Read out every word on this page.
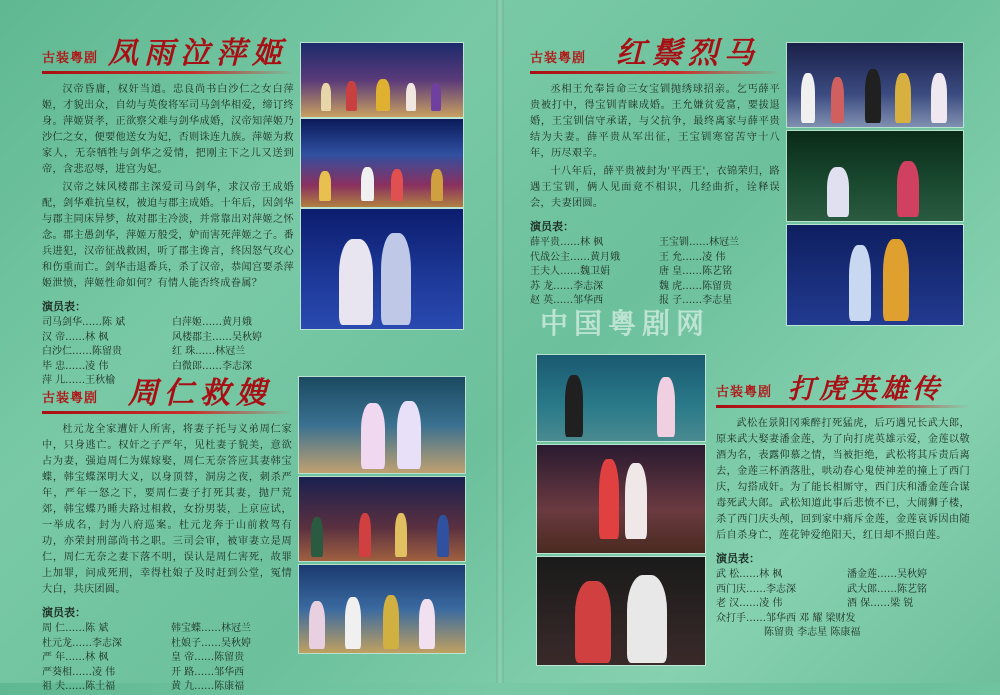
古装粤剧 凤雨泣萍姬

汉帝昏庸，权奸当道。忠良尚书白沙仁之女白萍姬，才貌出众，自幼与英俊将军司马剑华相爱，缔订终身。萍姬贤孝，正欲察父难与剑华成婚，汉帝知萍姬乃沙仁之女，便要他送女为妃，否则诛连九族。萍姬为救家人，无奈牺牲与剑华之爱情，把刚主下之儿又送到帝，含悲忍辱，进宫为妃。

汉帝之妹风楼郡主深爱司马剑华，求汉帝王成婚配，剑华难抗皇权，被迫与郡主成婚。十年后，因剑华与郡主同床异梦，故对郡主冷淡，并常靠出对萍姬之怀念。郡主愚剑华，萍姬万般受，妒而害死萍姬之子。番兵进犯，汉帝征战救困，听了郡主谗言，终因怒气攻心和伤重而亡。剑华击退番兵，杀了汉帝，恭闻宫要杀萍姬泄愤，萍姬性命如何？有情人能否终成眷属？

演员表：
司马剑华……陈 斌	白萍姬……黄月娥
汉 帝……林 枫	风楼郡主……吴秋婷
白沙仁……陈留贵	红 珠……林冠兰
毕 忠……凌 伟	白微郎……李志深
萍 儿……王秋榆
古装粤剧 红鬃烈马

丞相王允奉旨命三女宝钏抛绣球招亲。乞丐薛平贵被打中，得宝钏青睐成婚。王允嫌贫爱富，要拔退婚，王宝钏信守承诺，与父抗争，最终离家与薛平贵结为夫妻。薛平贵从军出征，王宝钏寒窑苦守十八年，历尽艰辛。

十八年后，薛平贵被封为'平西王'，衣锦荣归，路遇王宝钏，俩人见面竟不相识，几经曲折，诠释误会，夫妻团圆。

演员表：
薛平贵……林 枫	王宝钏……林冠兰
代战公主……黄月娥	王 允……凌 伟
王夫人……魏卫娟	唐 皇……陈艺铭
苏 龙……李志深	魏 虎……陈留贵
赵 英……邹华西	报 子……李志星
中国粤剧网
古装粤剧 周仁救嫂

杜元龙全家遭奸人所害，将妻子托与义弟周仁家中，只身逃亡。权奸之子严年，见杜妻子貌美，意欲占为妻，强迫周仁为媒嫁娶，周仁无奈答应其妻韩宝蝶，韩宝蝶深明大义，以身顶替，洞房之夜，刺杀严年，严年一怒之下，要周仁妻子打死其妻，抛尸荒郊，韩宝蝶乃睡夫路过相救，女扮男装，上京应试，一举成名，封为八府巡案。杜元龙奔于山前救驾有功，亦荣封刑部尚书之职。三司会审，被审妻立是周仁，周仁无奈之妻下落不明，误认是周仁害死，故罪上加罪，问成死刑，幸得杜娘子及时赶到公堂，冤情大白，共庆团圆。

演员表：
周 仁……陈 斌	韩宝蝶……林冠兰
杜元龙……李志深	杜娘子……吴秋婷
严 年……林 枫	皇 帝……陈留贵
严葵相……凌 伟	开 路……邹华西
祖 夫……陈土福	黄 九……陈康福
古装粤剧 打虎英雄传

武松在景阳冈乘醉打死猛虎，后巧遇兄长武大郎，原来武大娶妻潘金莲，为了向打虎英雄示爱，金莲以敬酒为名，表露仰慕之情，当被拒绝，武松将其斥责后离去，金莲三杯酒落肚，哄动春心鬼使神差的撞上了西门庆，勾搭成奸。为了能长相厮守，西门庆和潘金莲合谋毒死武大郎。武松知道此事后悲愤不已，大闹狮子楼，杀了西门庆头颅，回到家中痛斥金莲，金莲哀诉因由随后自杀身亡，莲花钟爱绝阳天，红日却不照白莲。

演员表：
武 松……林 枫	潘金莲……吴秋婷
西门庆……李志深	武大郎……陈艺铭
老 汉……凌 伟	酒 保……梁 锐
众打手……邹华西 邓 耀 梁财发
陈留贵 李志星 陈康福
